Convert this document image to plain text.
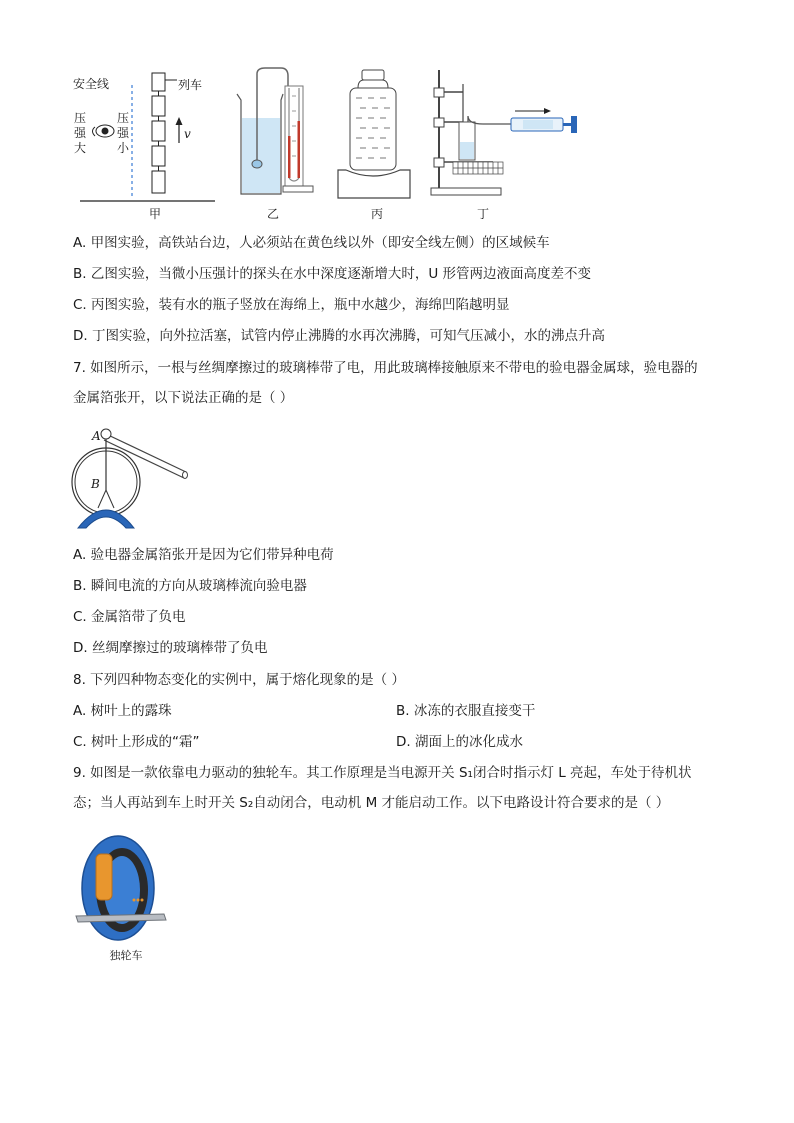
安全线	列车
压
强
大
压
强
小
v
甲	乙	丙	丁
A. 甲图实验，高铁站台边，人必须站在黄色线以外（即安全线左侧）的区域候车
B. 乙图实验，当微小压强计的探头在水中深度逐渐增大时，U 形管两边液面高度差不变
C. 丙图实验，装有水的瓶子竖放在海绵上，瓶中水越少，海绵凹陷越明显
D. 丁图实验，向外拉活塞，试管内停止沸腾的水再次沸腾，可知气压减小，水的沸点升高
7. 如图所示，一根与丝绸摩擦过的玻璃棒带了电，用此玻璃棒接触原来不带电的验电器金属球，验电器的
金属箔张开，以下说法正确的是（ ）
A
B
A. 验电器金属箔张开是因为它们带异种电荷
B. 瞬间电流的方向从玻璃棒流向验电器
C. 金属箔带了负电
D. 丝绸摩擦过的玻璃棒带了负电
8. 下列四种物态变化的实例中，属于熔化现象的是（ ）
A. 树叶上的露珠	B. 冰冻的衣服直接变干
C. 树叶上形成的“霜”	D. 湖面上的冰化成水
9. 如图是一款依靠电力驱动的独轮车。其工作原理是当电源开关 S₁闭合时指示灯 L 亮起，车处于待机状
态；当人再站到车上时开关 S₂自动闭合，电动机 M 才能启动工作。以下电路设计符合要求的是（ ）
独轮车
